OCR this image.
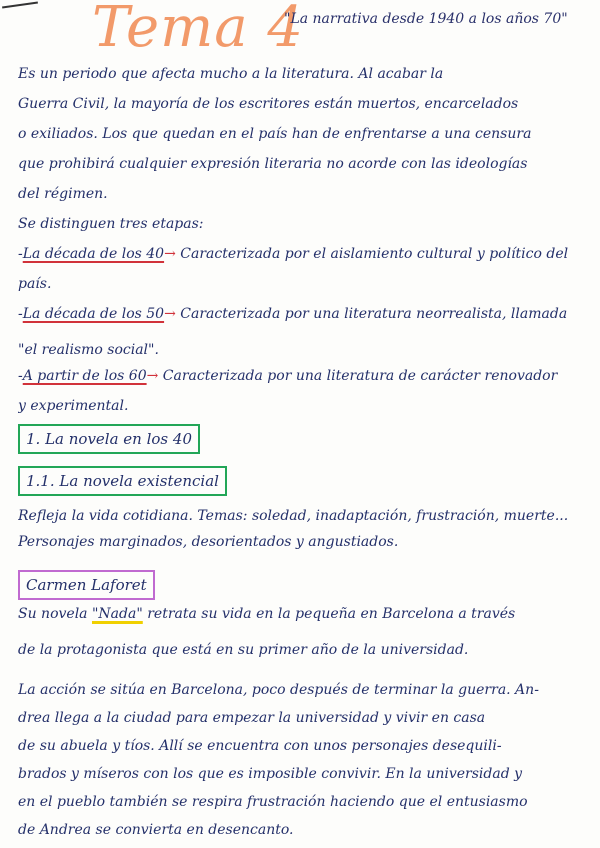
Tema 4
"La narrativa desde 1940 a los años 70"
Es un periodo que afecta mucho a la literatura. Al acabar la
Guerra Civil, la mayoría de los escritores están muertos, encarcelados
o exiliados. Los que quedan en el país han de enfrentarse a una censura
que prohibirá cualquier expresión literaria no acorde con las ideologías
del régimen.
Se distinguen tres etapas:
-La década de los 40→ Caracterizada por el aislamiento cultural y político del
país.
-La década de los 50→ Caracterizada por una literatura neorrealista, llamada
"el realismo social".
-A partir de los 60→ Caracterizada por una literatura de carácter renovador
y experimental.
1. La novela en los 40
1.1. La novela existencial
Refleja la vida cotidiana. Temas: soledad, inadaptación, frustración, muerte...
Personajes marginados, desorientados y angustiados.
Carmen Laforet
Su novela "Nada" retrata su vida en la pequeña en Barcelona a través
de la protagonista que está en su primer año de la universidad.
La acción se sitúa en Barcelona, poco después de terminar la guerra. An-
drea llega a la ciudad para empezar la universidad y vivir en casa
de su abuela y tíos. Allí se encuentra con unos personajes desequili-
brados y míseros con los que es imposible convivir. En la universidad y
en el pueblo también se respira frustración haciendo que el entusiasmo
de Andrea se convierta en desencanto.
